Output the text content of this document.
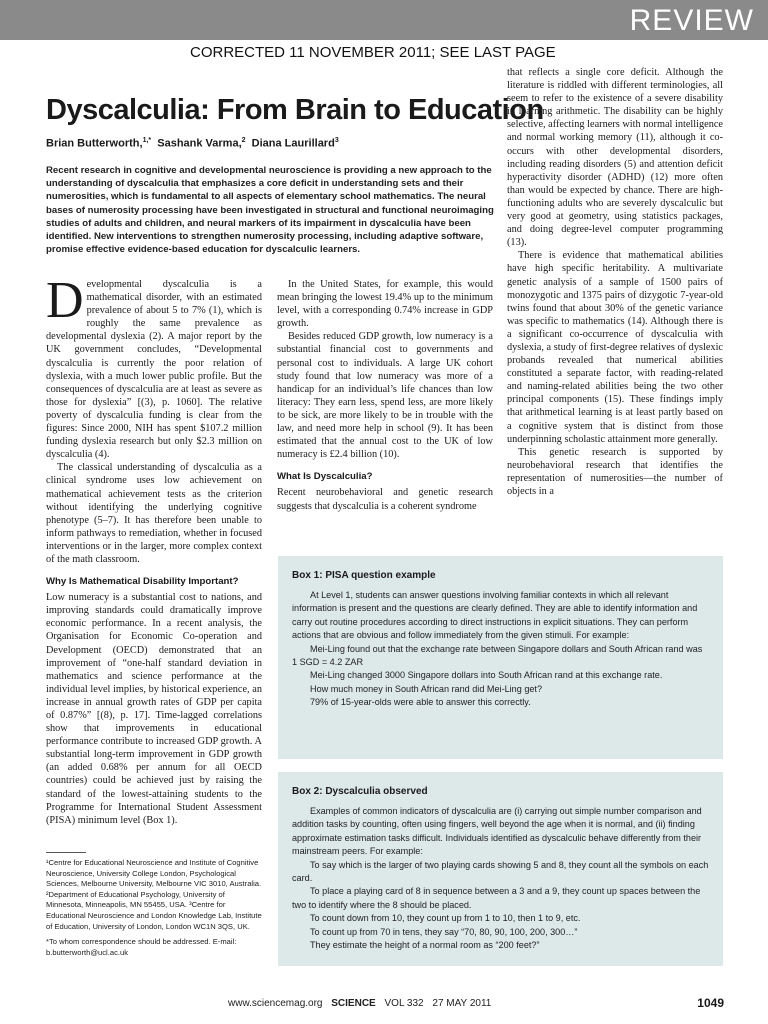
REVIEW
CORRECTED 11 NOVEMBER 2011; SEE LAST PAGE
Dyscalculia: From Brain to Education
Brian Butterworth,$^{1,*}$ Sashank Varma,$^2$ Diana Laurillard$^3$

Recent research in cognitive and developmental neuroscience is providing a new approach to the understanding of dyscalculia that emphasizes a core deficit in understanding sets and their numerosities, which is fundamental to all aspects of elementary school mathematics. The neural bases of numerosity processing have been investigated in structural and functional neuroimaging studies of adults and children, and neural markers of its impairment in dyscalculia have been identified. New interventions to strengthen numerosity processing, including adaptive software, promise effective evidence-based education for dyscalculic learners.

Developmental dyscalculia is a mathematical disorder, with an estimated prevalence of about 5 to 7% (1), which is roughly the same prevalence as developmental dyslexia (2). A major report by the UK government concludes, “Developmental dyscalculia is currently the poor relation of dyslexia, with a much lower public profile. But the consequences of dyscalculia are at least as severe as those for dyslexia” [(3), p. 1060]. The relative poverty of dyscalculia funding is clear from the figures: Since 2000, NIH has spent $107.2 million funding dyslexia research but only $2.3 million on dyscalculia (4).

The classical understanding of dyscalculia as a clinical syndrome uses low achievement on mathematical achievement tests as the criterion without identifying the underlying cognitive phenotype (5–7). It has therefore been unable to inform pathways to remediation, whether in focused interventions or in the larger, more complex context of the math classroom.

Why Is Mathematical Disability Important?

Low numeracy is a substantial cost to nations, and improving standards could dramatically improve economic performance. In a recent analysis, the Organisation for Economic Co-operation and Development (OECD) demonstrated that an improvement of “one-half standard deviation in mathematics and science performance at the individual level implies, by historical experience, an increase in annual growth rates of GDP per capita of 0.87%” [(8), p. 17]. Time-lagged correlations show that improvements in educational performance contribute to increased GDP growth. A substantial long-term improvement in GDP growth (an added 0.68% per annum for all OECD countries) could be achieved just by raising the standard of the lowest-attaining students to the Programme for International Student Assessment (PISA) minimum level (Box 1).

In the United States, for example, this would mean bringing the lowest 19.4% up to the minimum level, with a corresponding 0.74% increase in GDP growth.

Besides reduced GDP growth, low numeracy is a substantial financial cost to governments and personal cost to individuals. A large UK cohort study found that low numeracy was more of a handicap for an individual’s life chances than low literacy: They earn less, spend less, are more likely to be sick, are more likely to be in trouble with the law, and need more help in school (9). It has been estimated that the annual cost to the UK of low numeracy is £2.4 billion (10).

What Is Dyscalculia?

Recent neurobehavioral and genetic research suggests that dyscalculia is a coherent syndrome

that reflects a single core deficit. Although the literature is riddled with different terminologies, all seem to refer to the existence of a severe disability in learning arithmetic. The disability can be highly selective, affecting learners with normal intelligence and normal working memory (11), although it co-occurs with other developmental disorders, including reading disorders (5) and attention deficit hyperactivity disorder (ADHD) (12) more often than would be expected by chance. There are high-functioning adults who are severely dyscalculic but very good at geometry, using statistics packages, and doing degree-level computer programming (13).

There is evidence that mathematical abilities have high specific heritability. A multivariate genetic analysis of a sample of 1500 pairs of monozygotic and 1375 pairs of dizygotic 7-year-old twins found that about 30% of the genetic variance was specific to mathematics (14). Although there is a significant co-occurrence of dyscalculia with dyslexia, a study of first-degree relatives of dyslexic probands revealed that numerical abilities constituted a separate factor, with reading-related and naming-related abilities being the two other principal components (15). These findings imply that arithmetical learning is at least partly based on a cognitive system that is distinct from those underpinning scholastic attainment more generally.

This genetic research is supported by neurobehavioral research that identifies the representation of numerosities—the number of objects in a

¹Centre for Educational Neuroscience and Institute of Cognitive Neuroscience, University College London, Psychological Sciences, Melbourne University, Melbourne VIC 3010, Australia. ²Department of Educational Psychology, University of Minnesota, Minneapolis, MN 55455, USA. ³Centre for Educational Neuroscience and London Knowledge Lab, Institute of Education, University of London, London WC1N 3QS, UK.

*To whom correspondence should be addressed. E-mail: b.butterworth@ucl.ac.uk

Box 1: PISA question example

At Level 1, students can answer questions involving familiar contexts in which all relevant information is present and the questions are clearly defined. They are able to identify information and carry out routine procedures according to direct instructions in explicit situations. They can perform actions that are obvious and follow immediately from the given stimuli. For example:

Mei-Ling found out that the exchange rate between Singapore dollars and South African rand was 1 SGD = 4.2 ZAR

Mei-Ling changed 3000 Singapore dollars into South African rand at this exchange rate.

How much money in South African rand did Mei-Ling get?

79% of 15-year-olds were able to answer this correctly.

Box 2: Dyscalculia observed

Examples of common indicators of dyscalculia are (i) carrying out simple number comparison and addition tasks by counting, often using fingers, well beyond the age when it is normal, and (ii) finding approximate estimation tasks difficult. Individuals identified as dyscalculic behave differently from their mainstream peers. For example:

To say which is the larger of two playing cards showing 5 and 8, they count all the symbols on each card.

To place a playing card of 8 in sequence between a 3 and a 9, they count up spaces between the two to identify where the 8 should be placed.

To count down from 10, they count up from 1 to 10, then 1 to 9, etc.

To count up from 70 in tens, they say “70, 80, 90, 100, 200, 300…”

They estimate the height of a normal room as “200 feet?”

www.sciencemag.org SCIENCE VOL 332 27 MAY 2011	1049
